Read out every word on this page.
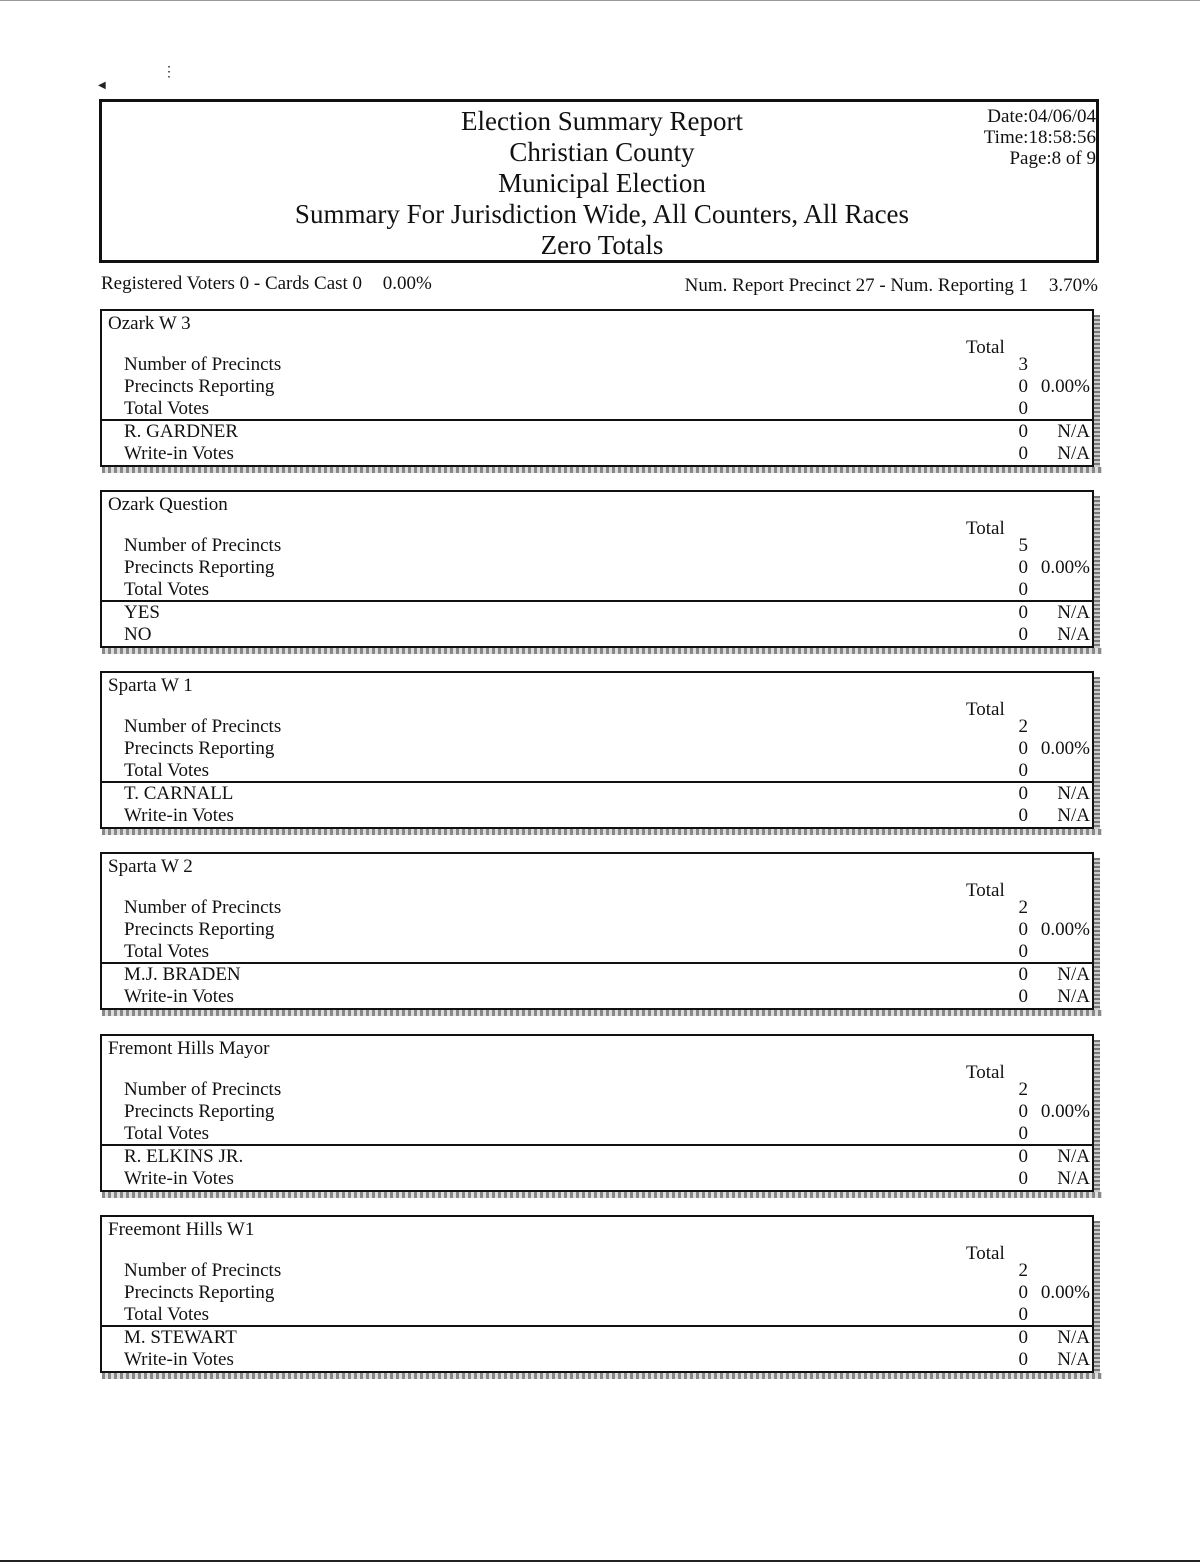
⋮
◀
Election Summary Report
Christian County
Municipal Election
Summary For Jurisdiction Wide, All Counters, All Races
Zero Totals
Date:04/06/04
Time:18:58:56
Page:8 of 9
Registered Voters 0 - Cards Cast 0 0.00%	Num. Report Precinct 27 - Num. Reporting 1 3.70%
Ozark W 3
Total
Number of Precincts	3
Precincts Reporting	0 0.00%
Total Votes	0
R. GARDNER	0 N/A
Write-in Votes	0 N/A
Ozark Question
Total
Number of Precincts	5
Precincts Reporting	0 0.00%
Total Votes	0
YES	0 N/A
NO	0 N/A
Sparta W 1
Total
Number of Precincts	2
Precincts Reporting	0 0.00%
Total Votes	0
T. CARNALL	0 N/A
Write-in Votes	0 N/A
Sparta W 2
Total
Number of Precincts	2
Precincts Reporting	0 0.00%
Total Votes	0
M.J. BRADEN	0 N/A
Write-in Votes	0 N/A
Fremont Hills Mayor
Total
Number of Precincts	2
Precincts Reporting	0 0.00%
Total Votes	0
R. ELKINS JR.	0 N/A
Write-in Votes	0 N/A
Freemont Hills W1
Total
Number of Precincts	2
Precincts Reporting	0 0.00%
Total Votes	0
M. STEWART	0 N/A
Write-in Votes	0 N/A
